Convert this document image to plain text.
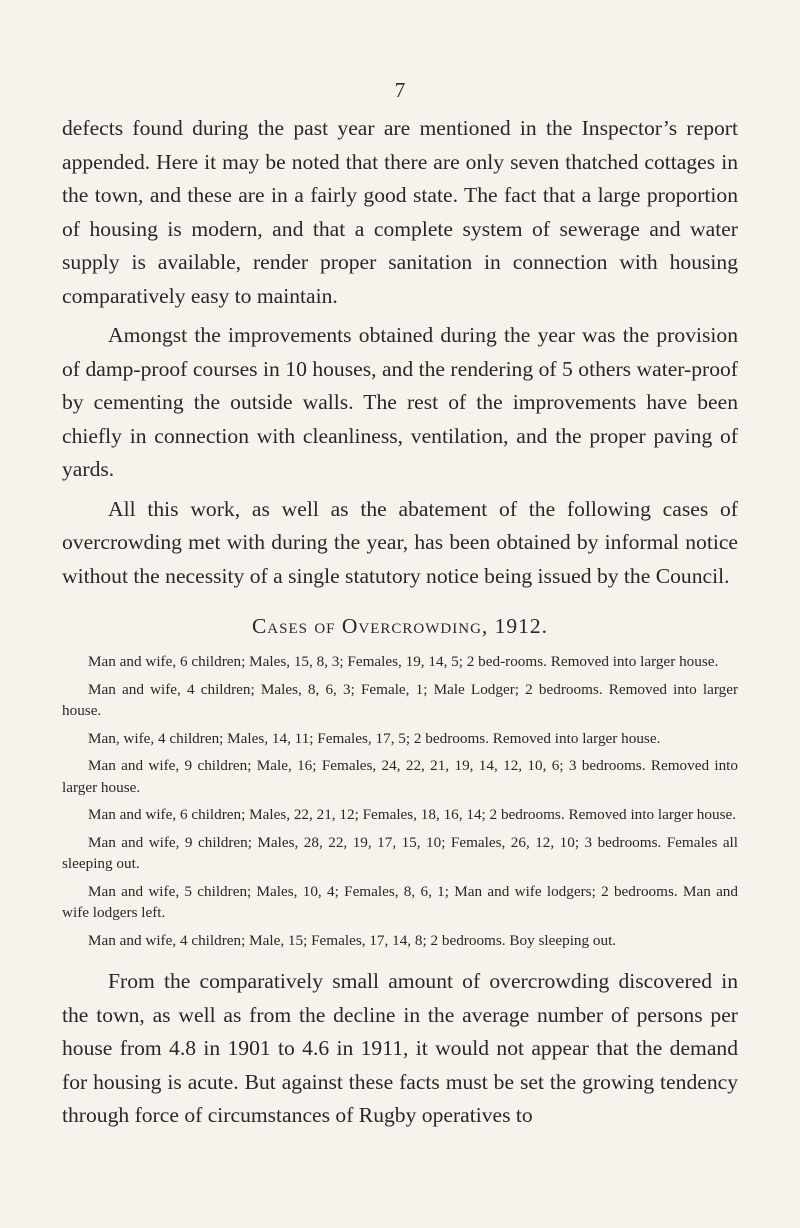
7

defects found during the past year are mentioned in the Inspector’s report appended. Here it may be noted that there are only seven thatched cottages in the town, and these are in a fairly good state. The fact that a large proportion of housing is modern, and that a complete system of sewerage and water supply is available, render proper sanitation in connection with housing comparatively easy to maintain.

Amongst the improvements obtained during the year was the provision of damp-proof courses in 10 houses, and the rendering of 5 others water-proof by cementing the outside walls. The rest of the improvements have been chiefly in connection with cleanliness, ventilation, and the proper paving of yards.

All this work, as well as the abatement of the following cases of overcrowding met with during the year, has been obtained by informal notice without the necessity of a single statutory notice being issued by the Council.

Cases of Overcrowding, 1912.

Man and wife, 6 children; Males, 15, 8, 3; Females, 19, 14, 5; 2 bed-rooms. Removed into larger house.

Man and wife, 4 children; Males, 8, 6, 3; Female, 1; Male Lodger; 2 bedrooms. Removed into larger house.

Man, wife, 4 children; Males, 14, 11; Females, 17, 5; 2 bedrooms. Removed into larger house.

Man and wife, 9 children; Male, 16; Females, 24, 22, 21, 19, 14, 12, 10, 6; 3 bedrooms. Removed into larger house.

Man and wife, 6 children; Males, 22, 21, 12; Females, 18, 16, 14; 2 bedrooms. Removed into larger house.

Man and wife, 9 children; Males, 28, 22, 19, 17, 15, 10; Females, 26, 12, 10; 3 bedrooms. Females all sleeping out.

Man and wife, 5 children; Males, 10, 4; Females, 8, 6, 1; Man and wife lodgers; 2 bedrooms. Man and wife lodgers left.

Man and wife, 4 children; Male, 15; Females, 17, 14, 8; 2 bedrooms. Boy sleeping out.

From the comparatively small amount of overcrowding discovered in the town, as well as from the decline in the average number of persons per house from 4.8 in 1901 to 4.6 in 1911, it would not appear that the demand for housing is acute. But against these facts must be set the growing tendency through force of circumstances of Rugby operatives to
